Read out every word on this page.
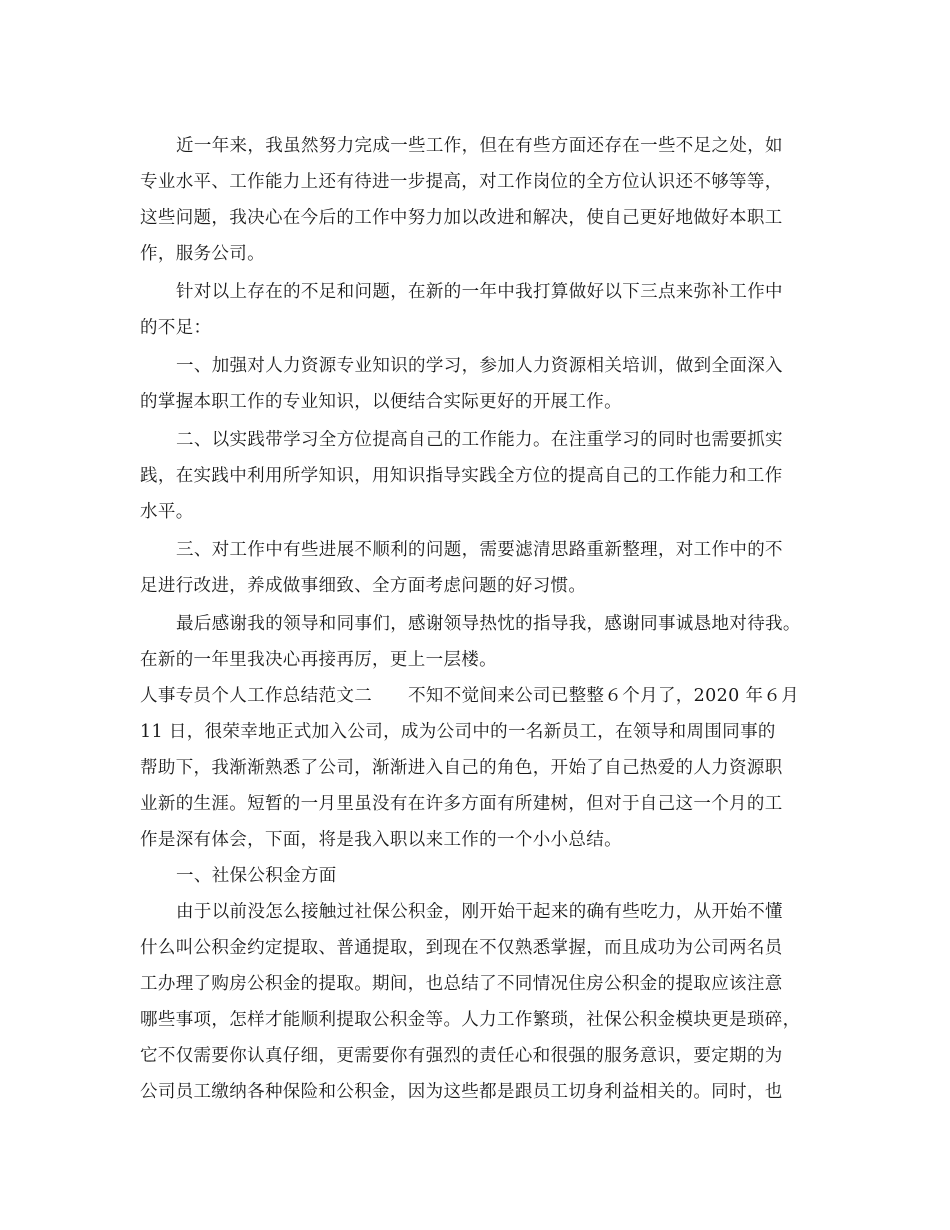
近一年来，我虽然努力完成一些工作，但在有些方面还存在一些不足之处，如
专业水平、工作能力上还有待进一步提高，对工作岗位的全方位认识还不够等等，
这些问题，我决心在今后的工作中努力加以改进和解决，使自己更好地做好本职工
作，服务公司。
针对以上存在的不足和问题，在新的一年中我打算做好以下三点来弥补工作中
的不足：
一、加强对人力资源专业知识的学习，参加人力资源相关培训，做到全面深入
的掌握本职工作的专业知识，以便结合实际更好的开展工作。
二、以实践带学习全方位提高自己的工作能力。在注重学习的同时也需要抓实
践，在实践中利用所学知识，用知识指导实践全方位的提高自己的工作能力和工作
水平。
三、对工作中有些进展不顺利的问题，需要滤清思路重新整理，对工作中的不
足进行改进，养成做事细致、全方面考虑问题的好习惯。
最后感谢我的领导和同事们，感谢领导热忱的指导我，感谢同事诚恳地对待我。
在新的一年里我决心再接再厉，更上一层楼。
人事专员个人工作总结范文二 不知不觉间来公司已整整６个月了，2020 年６月
11 日，很荣幸地正式加入公司，成为公司中的一名新员工，在领导和周围同事的
帮助下，我渐渐熟悉了公司，渐渐进入自己的角色，开始了自己热爱的人力资源职
业新的生涯。短暂的一月里虽没有在许多方面有所建树，但对于自己这一个月的工
作是深有体会，下面，将是我入职以来工作的一个小小总结。
一、社保公积金方面
由于以前没怎么接触过社保公积金，刚开始干起来的确有些吃力，从开始不懂
什么叫公积金约定提取、普通提取，到现在不仅熟悉掌握，而且成功为公司两名员
工办理了购房公积金的提取。期间，也总结了不同情况住房公积金的提取应该注意
哪些事项，怎样才能顺利提取公积金等。人力工作繁琐，社保公积金模块更是琐碎，
它不仅需要你认真仔细，更需要你有强烈的责任心和很强的服务意识，要定期的为
公司员工缴纳各种保险和公积金，因为这些都是跟员工切身利益相关的。同时，也
